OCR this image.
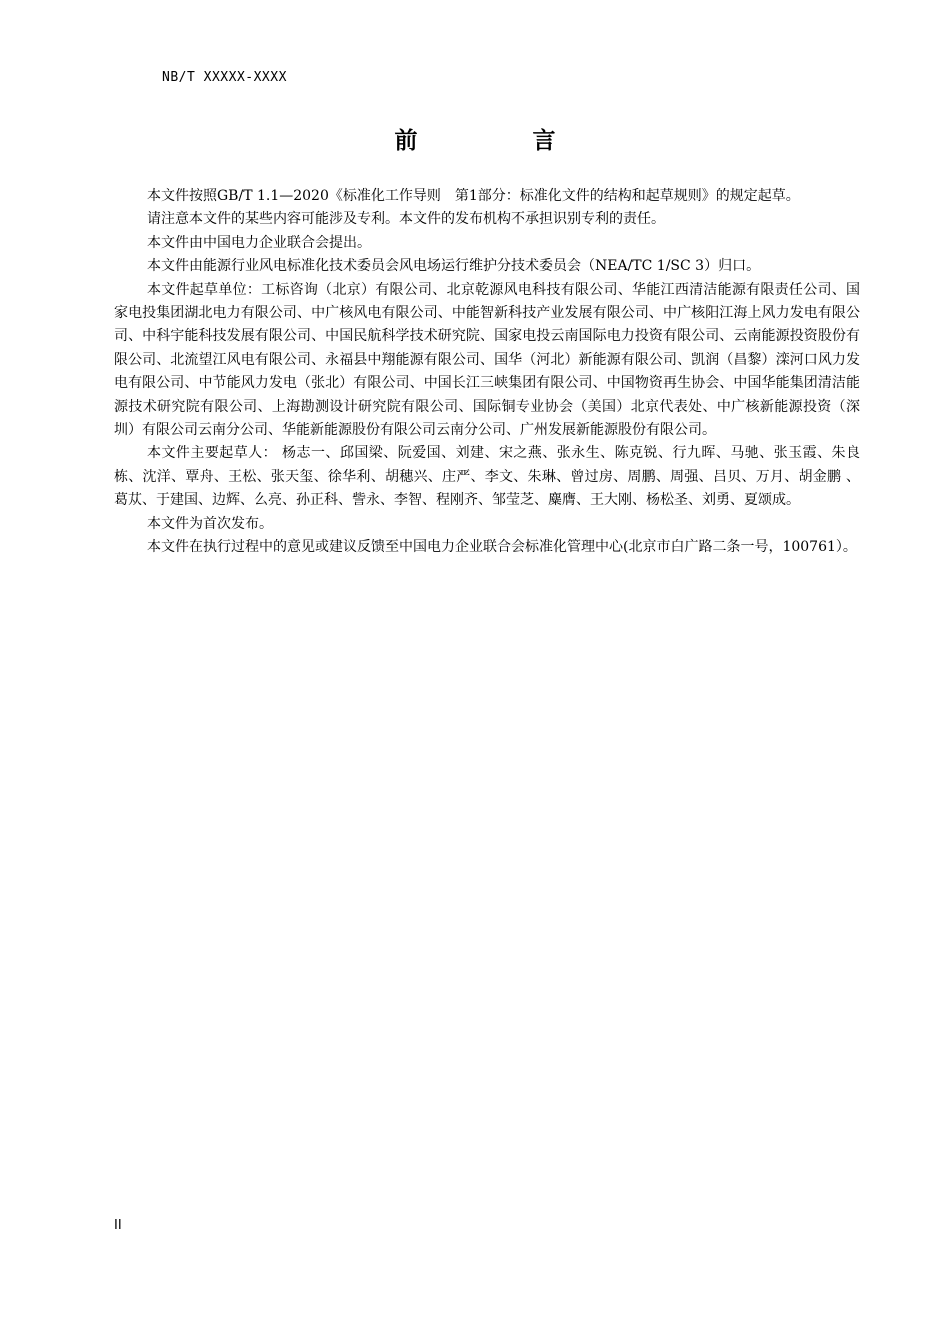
NB/T XXXXX-XXXX
前　言

本文件按照GB/T 1.1—2020《标准化工作导则　第1部分：标准化文件的结构和起草规则》的规定起草。

请注意本文件的某些内容可能涉及专利。本文件的发布机构不承担识别专利的责任。

本文件由中国电力企业联合会提出。

本文件由能源行业风电标准化技术委员会风电场运行维护分技术委员会（NEA/TC 1/SC 3）归口。

本文件起草单位：工标咨询（北京）有限公司、北京乾源风电科技有限公司、华能江西清洁能源有限责任公司、国家电投集团湖北电力有限公司、中广核风电有限公司、中能智新科技产业发展有限公司、中广核阳江海上风力发电有限公司、中科宇能科技发展有限公司、中国民航科学技术研究院、国家电投云南国际电力投资有限公司、云南能源投资股份有限公司、北流望江风电有限公司、永福县中翔能源有限公司、国华（河北）新能源有限公司、凯润（昌黎）滦河口风力发电有限公司、中节能风力发电（张北）有限公司、中国长江三峡集团有限公司、中国物资再生协会、中国华能集团清洁能源技术研究院有限公司、上海勘测设计研究院有限公司、国际铜专业协会（美国）北京代表处、中广核新能源投资（深圳）有限公司云南分公司、华能新能源股份有限公司云南分公司、广州发展新能源股份有限公司。

本文件主要起草人： 杨志一、邱国梁、阮爱国、刘建、宋之燕、张永生、陈克锐、行九晖、马驰、张玉霞、朱良栋、沈洋、覃舟、王松、张天玺、徐华利、胡穗兴、庄严、李文、朱琳、曾过房、周鹏、周强、吕贝、万月、胡金鹏 、葛苁、于建国、边辉、么亮、孙正科、訾永、李智、程刚齐、邹莹芝、麋膺、王大刚、杨松圣、刘勇、夏颂成。

本文件为首次发布。

本文件在执行过程中的意见或建议反馈至中国电力企业联合会标准化管理中心(北京市白广路二条一号，100761）。

II
